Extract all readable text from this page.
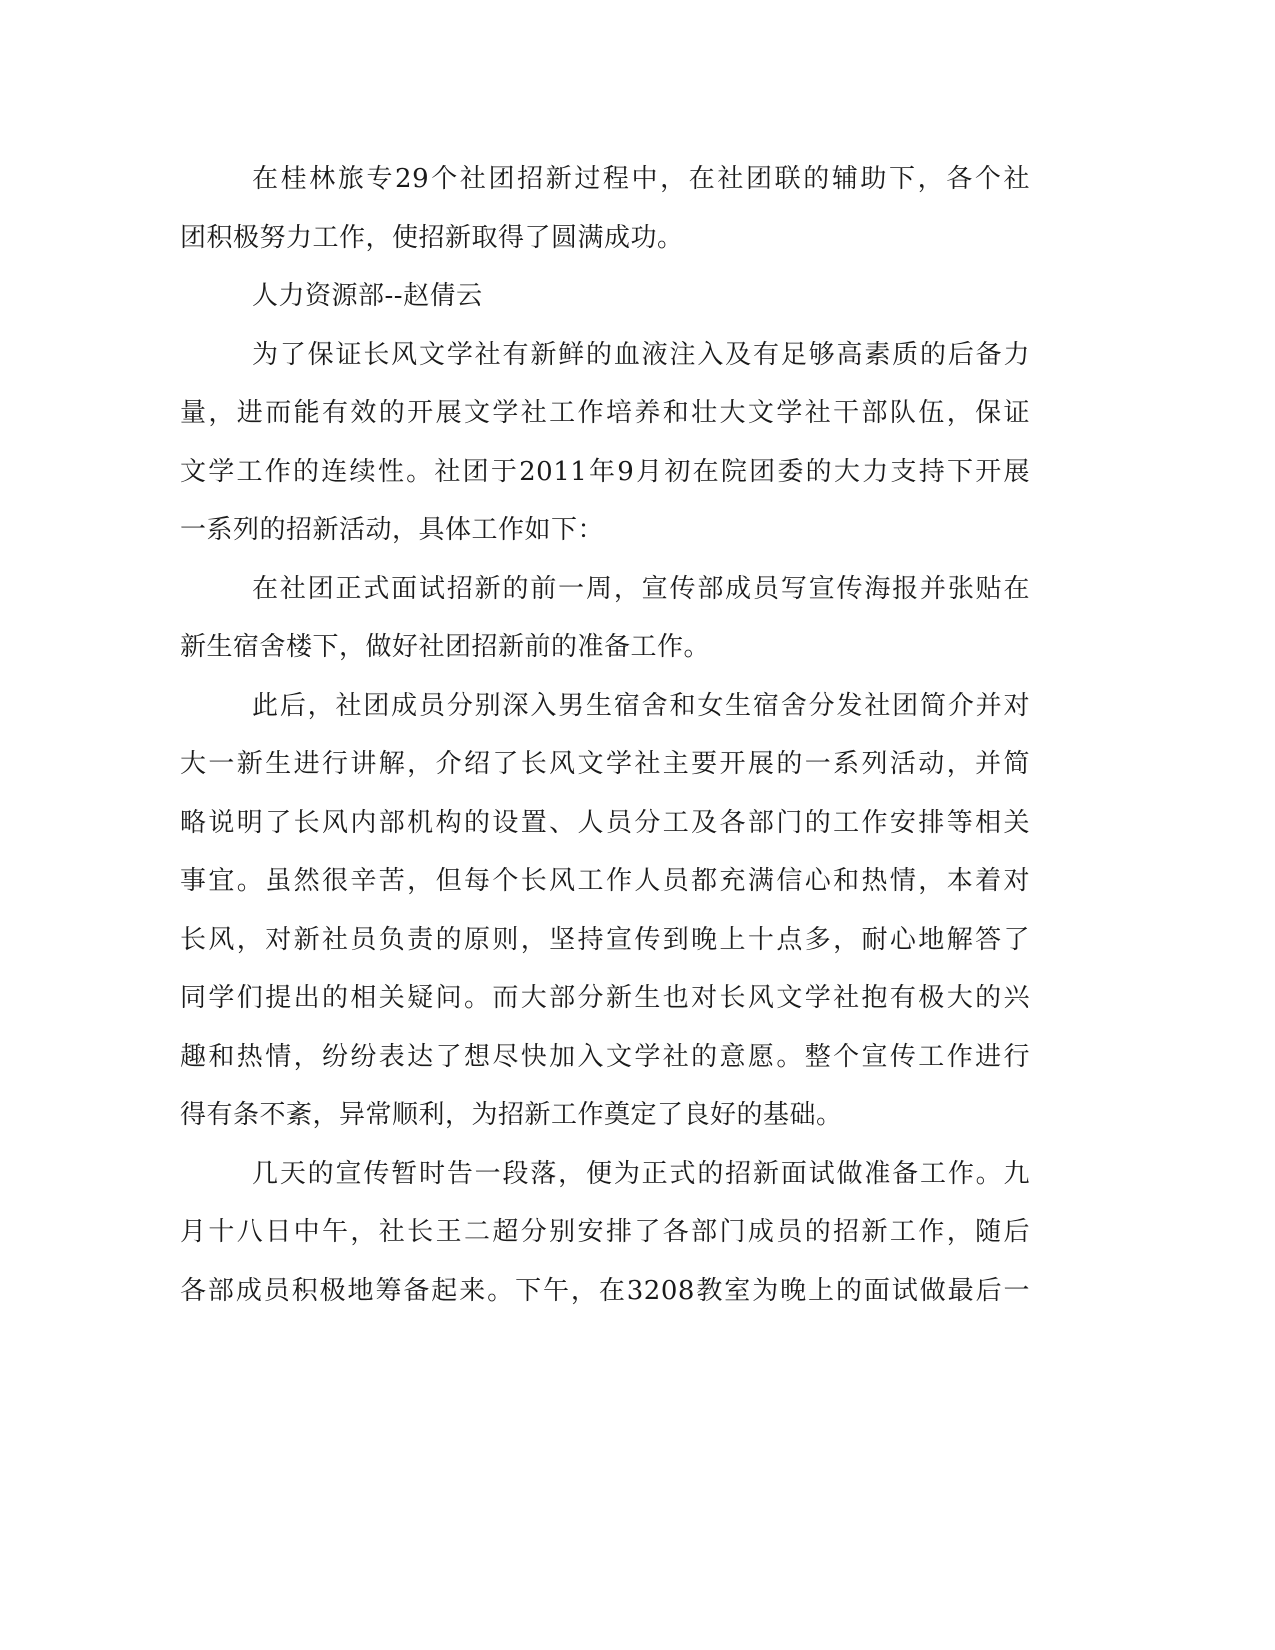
在桂林旅专29个社团招新过程中，在社团联的辅助下，各个社
团积极努力工作，使招新取得了圆满成功。
人力资源部--赵倩云
为了保证长风文学社有新鲜的血液注入及有足够高素质的后备力
量，进而能有效的开展文学社工作培养和壮大文学社干部队伍，保证
文学工作的连续性。社团于2011年9月初在院团委的大力支持下开展
一系列的招新活动，具体工作如下：
在社团正式面试招新的前一周，宣传部成员写宣传海报并张贴在
新生宿舍楼下，做好社团招新前的准备工作。
此后，社团成员分别深入男生宿舍和女生宿舍分发社团简介并对
大一新生进行讲解，介绍了长风文学社主要开展的一系列活动，并简
略说明了长风内部机构的设置、人员分工及各部门的工作安排等相关
事宜。虽然很辛苦，但每个长风工作人员都充满信心和热情，本着对
长风，对新社员负责的原则，坚持宣传到晚上十点多，耐心地解答了
同学们提出的相关疑问。而大部分新生也对长风文学社抱有极大的兴
趣和热情，纷纷表达了想尽快加入文学社的意愿。整个宣传工作进行
得有条不紊，异常顺利，为招新工作奠定了良好的基础。
几天的宣传暂时告一段落，便为正式的招新面试做准备工作。九
月十八日中午，社长王二超分别安排了各部门成员的招新工作，随后
各部成员积极地筹备起来。下午，在3208教室为晚上的面试做最后一
